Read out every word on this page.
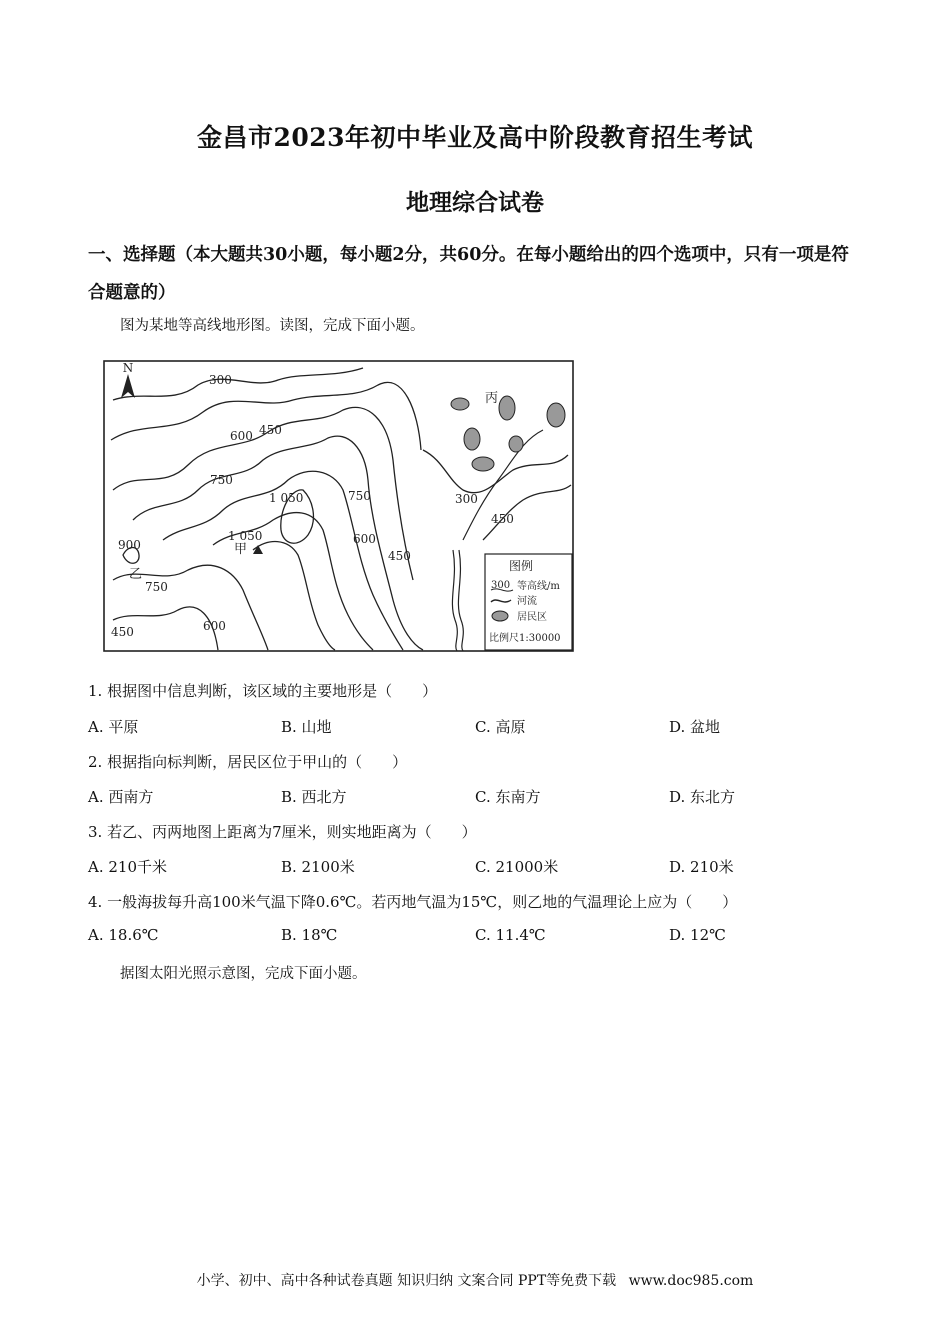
金昌市2023年初中毕业及高中阶段教育招生考试
地理综合试卷
一、选择题（本大题共30小题，每小题2分，共60分。在每小题给出的四个选项中，只有一项是符合题意的）
图为某地等高线地形图。读图，完成下面小题。
N
300
450
600
750
1 050	750
1 050	600
450
300
450
900
750
450	600
甲
乙
丙
图例
300 等高线/m
河流
居民区
比例尺1:30000
1. 根据图中信息判断，该区域的主要地形是（　　）
A. 平原	B. 山地	C. 高原	D. 盆地
2. 根据指向标判断，居民区位于甲山的（　　）
A. 西南方	B. 西北方	C. 东南方	D. 东北方
3. 若乙、丙两地图上距离为7厘米，则实地距离为（　　）
A. 210千米	B. 2100米	C. 21000米	D. 210米
4. 一般海拔每升高100米气温下降0.6℃。若丙地气温为15℃，则乙地的气温理论上应为（　　）
A. 18.6℃	B. 18℃	C. 11.4℃	D. 12℃
据图太阳光照示意图，完成下面小题。
小学、初中、高中各种试卷真题 知识归纳 文案合同 PPT等免费下载 www.doc985.com
